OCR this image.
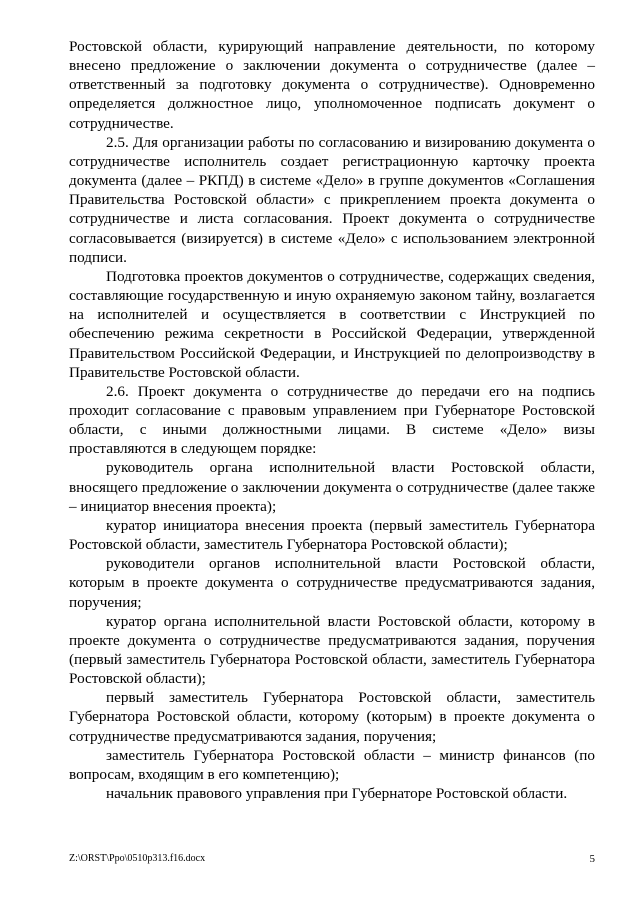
Ростовской области, курирующий направление деятельности, по которому внесено предложение о заключении документа о сотрудничестве (далее – ответственный за подготовку документа о сотрудничестве). Одновременно определяется должностное лицо, уполномоченное подписать документ о сотрудничестве.

2.5. Для организации работы по согласованию и визированию документа о сотрудничестве исполнитель создает регистрационную карточку проекта документа (далее – РКПД) в системе «Дело» в группе документов «Соглашения Правительства Ростовской области» с прикреплением проекта документа о сотрудничестве и листа согласования. Проект документа о сотрудничестве согласовывается (визируется) в системе «Дело» с использованием электронной подписи.

Подготовка проектов документов о сотрудничестве, содержащих сведения, составляющие государственную и иную охраняемую законом тайну, возлагается на исполнителей и осуществляется в соответствии с Инструкцией по обеспечению режима секретности в Российской Федерации, утвержденной Правительством Российской Федерации, и Инструкцией по делопроизводству в Правительстве Ростовской области.

2.6. Проект документа о сотрудничестве до передачи его на подпись проходит согласование с правовым управлением при Губернаторе Ростовской области, с иными должностными лицами. В системе «Дело» визы проставляются в следующем порядке:

руководитель органа исполнительной власти Ростовской области, вносящего предложение о заключении документа о сотрудничестве (далее также – инициатор внесения проекта);

куратор инициатора внесения проекта (первый заместитель Губернатора Ростовской области, заместитель Губернатора Ростовской области);

руководители органов исполнительной власти Ростовской области, которым в проекте документа о сотрудничестве предусматриваются задания, поручения;

куратор органа исполнительной власти Ростовской области, которому в проекте документа о сотрудничестве предусматриваются задания, поручения (первый заместитель Губернатора Ростовской области, заместитель Губернатора Ростовской области);

первый заместитель Губернатора Ростовской области, заместитель Губернатора Ростовской области, которому (которым) в проекте документа о сотрудничестве предусматриваются задания, поручения;

заместитель Губернатора Ростовской области – министр финансов (по вопросам, входящим в его компетенцию);

начальник правового управления при Губернаторе Ростовской области.

Z:\ORST\Ppo\0510p313.f16.docx	5
